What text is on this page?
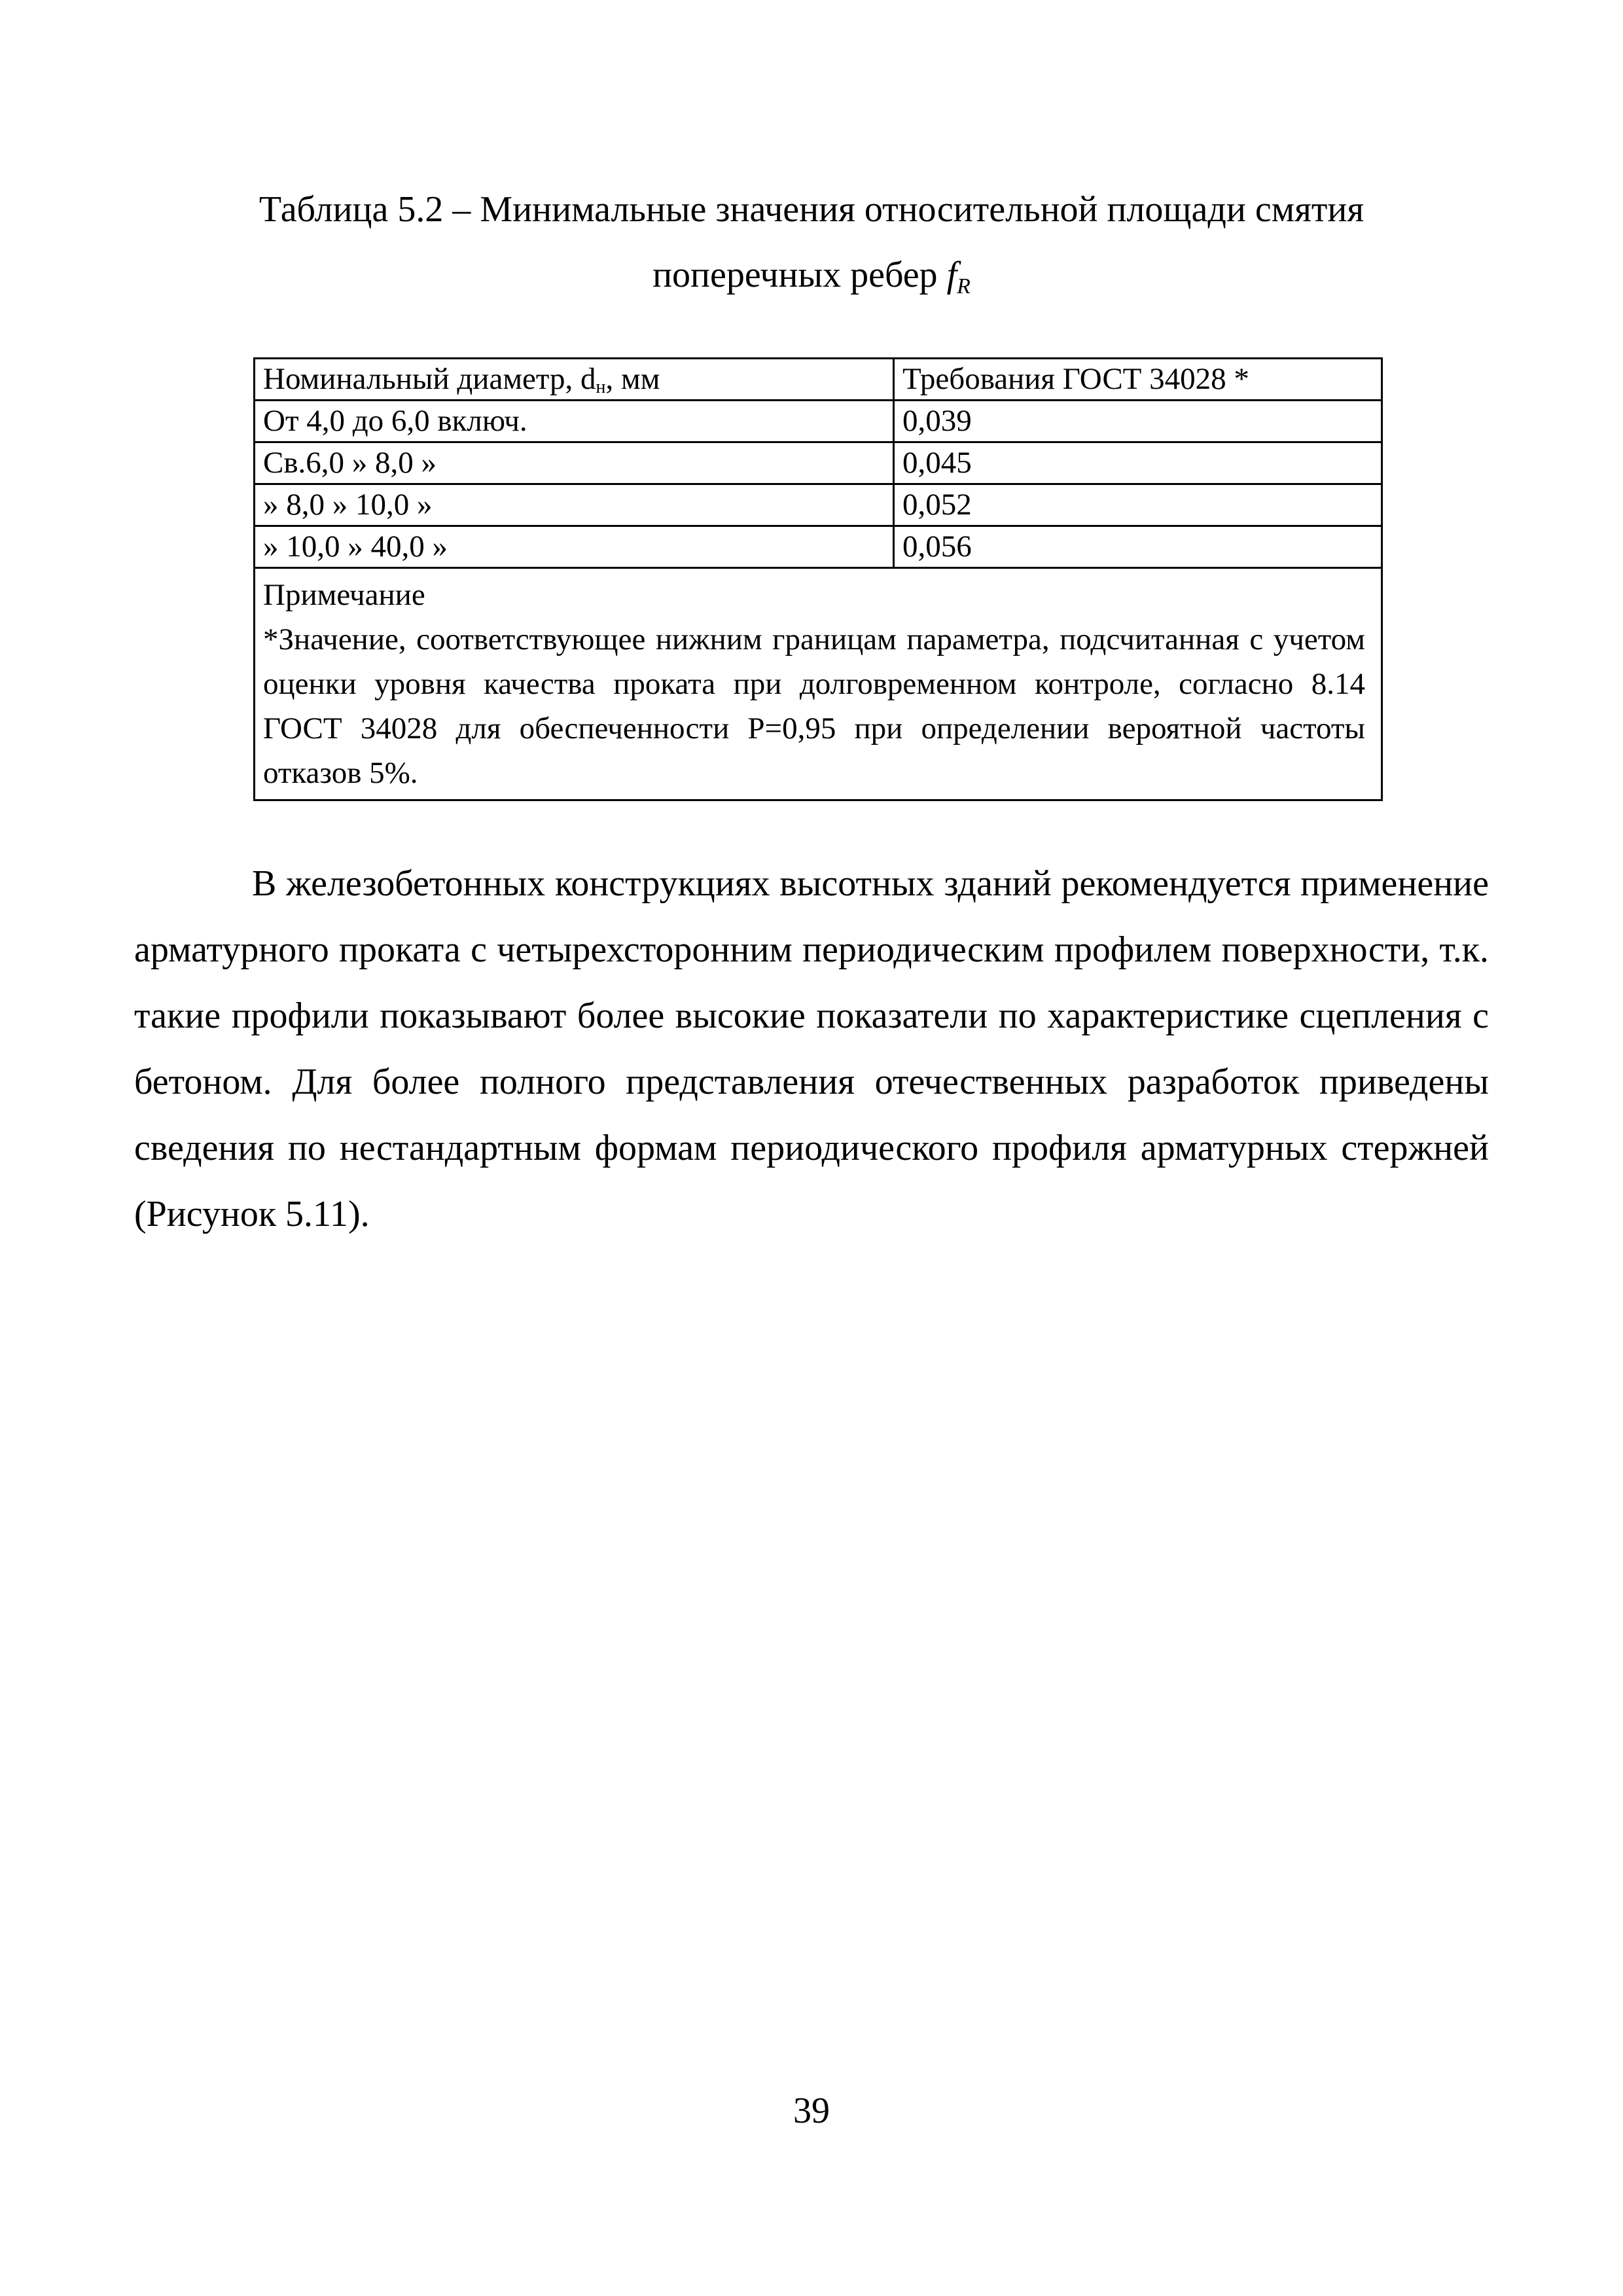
Таблица 5.2 – Минимальные значения относительной площади смятия
поперечных ребер $f_R$
Номинальный диаметр, $d_н$, мм	Требования ГОСТ 34028 *
От 4,0 до 6,0 включ.	0,039
Св.6,0 » 8,0 »	0,045
» 8,0 » 10,0 »	0,052
» 10,0 » 40,0 »	0,056

Примечание
*Значение, соответствующее нижним границам параметра, подсчитанная с учетом оценки уровня качества проката при долговременном контроле, согласно 8.14 ГОСТ 34028 для обеспеченности P=0,95 при определении вероятной частоты отказов 5%.	

В железобетонных конструкциях высотных зданий рекомендуется применение арматурного проката с четырехсторонним периодическим профилем поверхности, т.к. такие профили показывают более высокие показатели по характеристике сцепления с бетоном. Для более полного представления отечественных разработок приведены сведения по нестандартным формам периодического профиля арматурных стержней (Рисунок 5.11).

39
